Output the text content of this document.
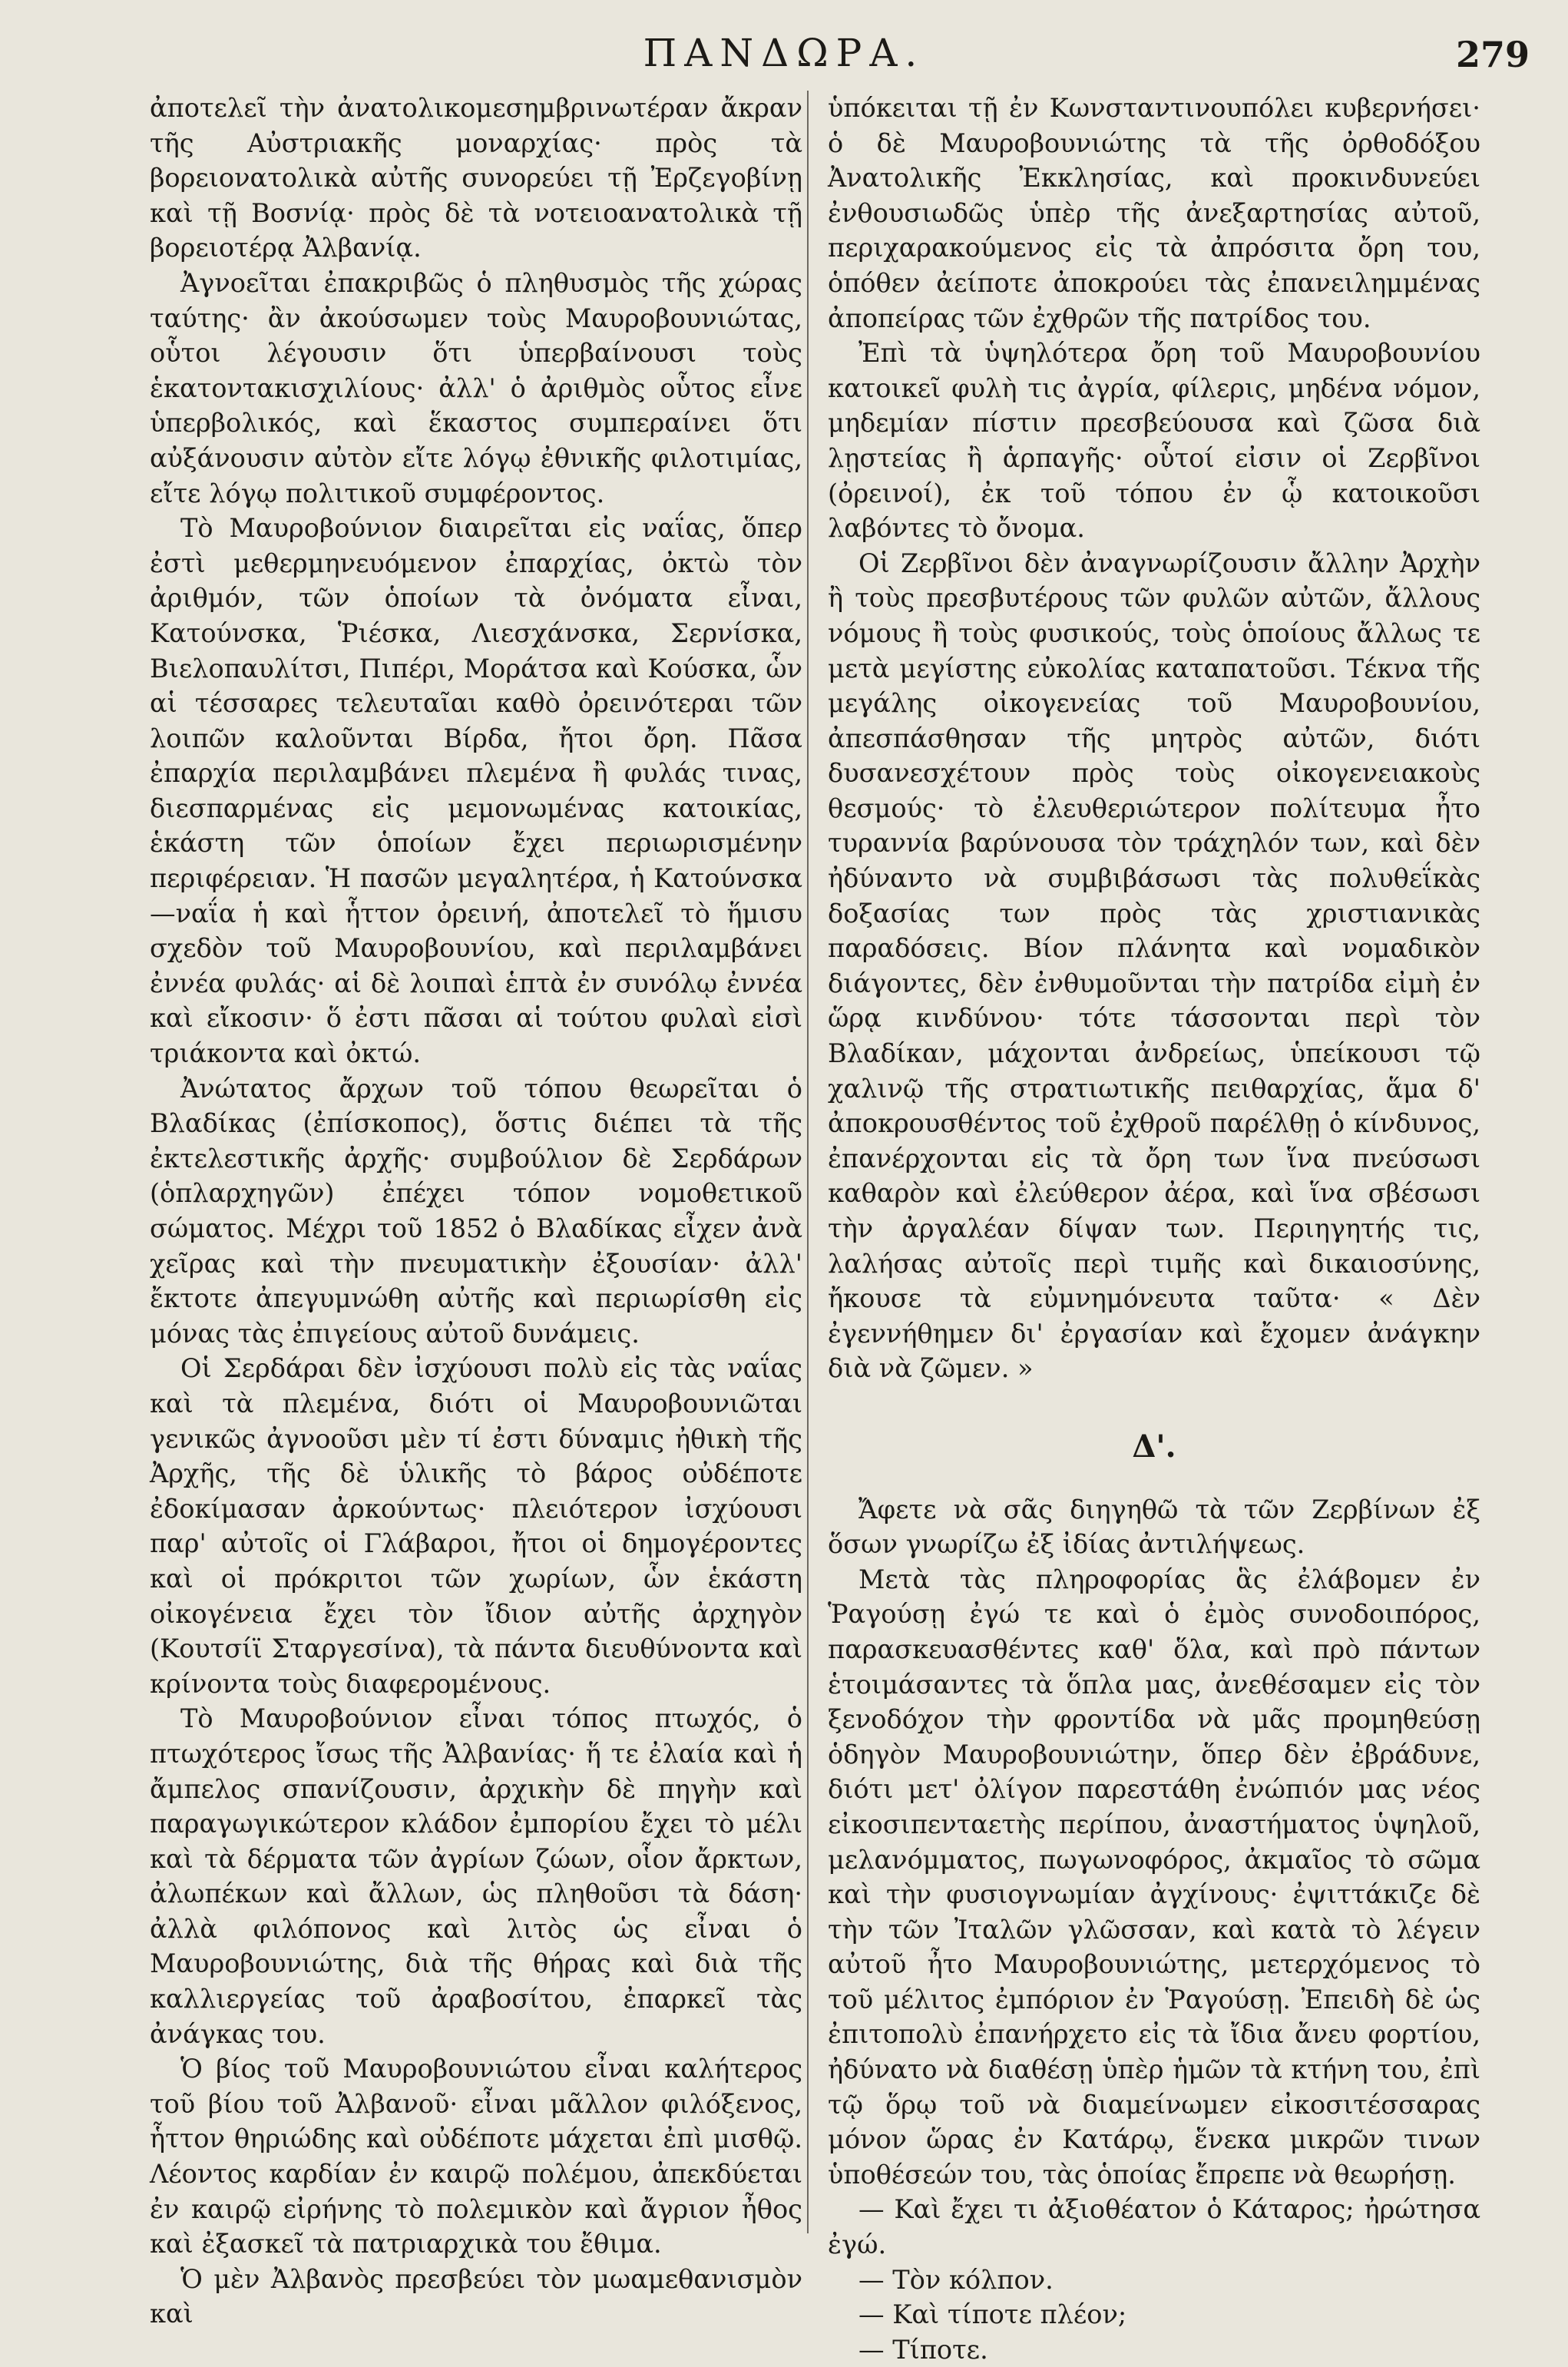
ΠΑΝΔΩΡΑ.	279

ἀποτελεῖ τὴν ἀνατολικομεσημβρινωτέραν ἄκραν τῆς Αὐστριακῆς μοναρχίας· πρὸς τὰ βορειονατολικὰ αὐτῆς συνορεύει τῇ Ἐρζεγοβίνῃ καὶ τῇ Βοσνίᾳ· πρὸς δὲ τὰ νοτειοανατολικὰ τῇ βορειοτέρᾳ Ἀλβανίᾳ.

Ἀγνοεῖται ἐπακριβῶς ὁ πληθυσμὸς τῆς χώρας ταύτης· ἂν ἀκούσωμεν τοὺς Μαυροβουνιώτας, οὗτοι λέγουσιν ὅτι ὑπερβαίνουσι τοὺς ἑκατοντακισχιλίους· ἀλλ' ὁ ἀριθμὸς οὗτος εἶνε ὑπερβολικός, καὶ ἕκαστος συμπεραίνει ὅτι αὐξάνουσιν αὐτὸν εἴτε λόγῳ ἐθνικῆς φιλοτιμίας, εἴτε λόγῳ πολιτικοῦ συμφέροντος.

Τὸ Μαυροβούνιον διαιρεῖται εἰς ναΐας, ὅπερ ἐστὶ μεθερμηνευόμενον ἐπαρχίας, ὀκτὼ τὸν ἀριθμόν, τῶν ὁποίων τὰ ὀνόματα εἶναι, Κατούνσκα, Ῥιέσκα, Λιεσχάνσκα, Σερνίσκα, Βιελοπαυλίτσι, Πιπέρι, Μοράτσα καὶ Κούσκα, ὧν αἱ τέσσαρες τελευταῖαι καθὸ ὀρεινότεραι τῶν λοιπῶν καλοῦνται Βίρδα, ἤτοι ὄρη. Πᾶσα ἐπαρχία περιλαμβάνει πλεμένα ἢ φυλάς τινας, διεσπαρμένας εἰς μεμονωμένας κατοικίας, ἑκάστη τῶν ὁποίων ἔχει περιωρισμένην περιφέρειαν. Ἡ πασῶν μεγαλητέρα, ἡ Κατούνσκα—ναΐα ἡ καὶ ἧττον ὀρεινή, ἀποτελεῖ τὸ ἥμισυ σχεδὸν τοῦ Μαυροβουνίου, καὶ περιλαμβάνει ἐννέα φυλάς· αἱ δὲ λοιπαὶ ἑπτὰ ἐν συνόλῳ ἐννέα καὶ εἴκοσιν· ὅ ἐστι πᾶσαι αἱ τούτου φυλαὶ εἰσὶ τριάκοντα καὶ ὀκτώ.

Ἀνώτατος ἄρχων τοῦ τόπου θεωρεῖται ὁ Βλαδίκας (ἐπίσκοπος), ὅστις διέπει τὰ τῆς ἐκτελεστικῆς ἀρχῆς· συμβούλιον δὲ Σερδάρων (ὁπλαρχηγῶν) ἐπέχει τόπον νομοθετικοῦ σώματος. Μέχρι τοῦ 1852 ὁ Βλαδίκας εἶχεν ἀνὰ χεῖρας καὶ τὴν πνευματικὴν ἐξουσίαν· ἀλλ' ἔκτοτε ἀπεγυμνώθη αὐτῆς καὶ περιωρίσθη εἰς μόνας τὰς ἐπιγείους αὐτοῦ δυνάμεις.

Οἱ Σερδάραι δὲν ἰσχύουσι πολὺ εἰς τὰς ναΐας καὶ τὰ πλεμένα, διότι οἱ Μαυροβουνιῶται γενικῶς ἀγνοοῦσι μὲν τί ἐστι δύναμις ἠθικὴ τῆς Ἀρχῆς, τῆς δὲ ὑλικῆς τὸ βάρος οὐδέποτε ἐδοκίμασαν ἀρκούντως· πλειότερον ἰσχύουσι παρ' αὐτοῖς οἱ Γλάβαροι, ἤτοι οἱ δημογέροντες καὶ οἱ πρόκριτοι τῶν χωρίων, ὧν ἑκάστη οἰκογένεια ἔχει τὸν ἴδιον αὐτῆς ἀρχηγὸν (Κουτσίϊ Σταργεσίνα), τὰ πάντα διευθύνοντα καὶ κρίνοντα τοὺς διαφερομένους.

Τὸ Μαυροβούνιον εἶναι τόπος πτωχός, ὁ πτωχότερος ἴσως τῆς Ἀλβανίας· ἥ τε ἐλαία καὶ ἡ ἄμπελος σπανίζουσιν, ἀρχικὴν δὲ πηγὴν καὶ παραγωγικώτερον κλάδον ἐμπορίου ἔχει τὸ μέλι καὶ τὰ δέρματα τῶν ἀγρίων ζώων, οἷον ἄρκτων, ἀλωπέκων καὶ ἄλλων, ὡς πληθοῦσι τὰ δάση· ἀλλὰ φιλόπονος καὶ λιτὸς ὡς εἶναι ὁ Μαυροβουνιώτης, διὰ τῆς θήρας καὶ διὰ τῆς καλλιεργείας τοῦ ἀραβοσίτου, ἐπαρκεῖ τὰς ἀνάγκας του.

Ὁ βίος τοῦ Μαυροβουνιώτου εἶναι καλήτερος τοῦ βίου τοῦ Ἀλβανοῦ· εἶναι μᾶλλον φιλόξενος, ἧττον θηριώδης καὶ οὐδέποτε μάχεται ἐπὶ μισθῷ. Λέοντος καρδίαν ἐν καιρῷ πολέμου, ἀπεκδύεται ἐν καιρῷ εἰρήνης τὸ πολεμικὸν καὶ ἄγριον ἦθος καὶ ἐξασκεῖ τὰ πατριαρχικὰ του ἔθιμα.

Ὁ μὲν Ἀλβανὸς πρεσβεύει τὸν μωαμεθανισμὸν καὶ

ὑπόκειται τῇ ἐν Κωνσταντινουπόλει κυβερνήσει· ὁ δὲ Μαυροβουνιώτης τὰ τῆς ὀρθοδόξου Ἀνατολικῆς Ἐκκλησίας, καὶ προκινδυνεύει ἐνθουσιωδῶς ὑπὲρ τῆς ἀνεξαρτησίας αὐτοῦ, περιχαρακούμενος εἰς τὰ ἀπρόσιτα ὄρη του, ὁπόθεν ἀείποτε ἀποκρούει τὰς ἐπανειλημμένας ἀποπείρας τῶν ἐχθρῶν τῆς πατρίδος του.

Ἐπὶ τὰ ὑψηλότερα ὄρη τοῦ Μαυροβουνίου κατοικεῖ φυλὴ τις ἀγρία, φίλερις, μηδένα νόμον, μηδεμίαν πίστιν πρεσβεύουσα καὶ ζῶσα διὰ λῃστείας ἢ ἁρπαγῆς· οὗτοί εἰσιν οἱ Ζερβῖνοι (ὀρεινοί), ἐκ τοῦ τόπου ἐν ᾧ κατοικοῦσι λαβόντες τὸ ὄνομα.

Οἱ Ζερβῖνοι δὲν ἀναγνωρίζουσιν ἄλλην Ἀρχὴν ἢ τοὺς πρεσβυτέρους τῶν φυλῶν αὐτῶν, ἄλλους νόμους ἢ τοὺς φυσικούς, τοὺς ὁποίους ἄλλως τε μετὰ μεγίστης εὐκολίας καταπατοῦσι. Τέκνα τῆς μεγάλης οἰκογενείας τοῦ Μαυροβουνίου, ἀπεσπάσθησαν τῆς μητρὸς αὐτῶν, διότι δυσανεσχέτουν πρὸς τοὺς οἰκογενειακοὺς θεσμούς· τὸ ἐλευθεριώτερον πολίτευμα ἦτο τυραννία βαρύνουσα τὸν τράχηλόν των, καὶ δὲν ἠδύναντο νὰ συμβιβάσωσι τὰς πολυθεΐκὰς δοξασίας των πρὸς τὰς χριστιανικὰς παραδόσεις. Βίον πλάνητα καὶ νομαδικὸν διάγοντες, δὲν ἐνθυμοῦνται τὴν πατρίδα εἰμὴ ἐν ὥρᾳ κινδύνου· τότε τάσσονται περὶ τὸν Βλαδίκαν, μάχονται ἀνδρείως, ὑπείκουσι τῷ χαλινῷ τῆς στρατιωτικῆς πειθαρχίας, ἅμα δ' ἀποκρουσθέντος τοῦ ἐχθροῦ παρέλθῃ ὁ κίνδυνος, ἐπανέρχονται εἰς τὰ ὄρη των ἵνα πνεύσωσι καθαρὸν καὶ ἐλεύθερον ἀέρα, καὶ ἵνα σβέσωσι τὴν ἀργαλέαν δίψαν των. Περιηγητής τις, λαλήσας αὐτοῖς περὶ τιμῆς καὶ δικαιοσύνης, ἤκουσε τὰ εὐμνημόνευτα ταῦτα· « Δὲν ἐγεννήθημεν δι' ἐργασίαν καὶ ἔχομεν ἀνάγκην διὰ νὰ ζῶμεν. »

Δ'.

Ἄφετε νὰ σᾶς διηγηθῶ τὰ τῶν Ζερβίνων ἐξ ὅσων γνωρίζω ἐξ ἰδίας ἀντιλήψεως.

Μετὰ τὰς πληροφορίας ἃς ἐλάβομεν ἐν Ῥαγούσῃ ἐγώ τε καὶ ὁ ἐμὸς συνοδοιπόρος, παρασκευασθέντες καθ' ὅλα, καὶ πρὸ πάντων ἑτοιμάσαντες τὰ ὅπλα μας, ἀνεθέσαμεν εἰς τὸν ξενοδόχον τὴν φροντίδα νὰ μᾶς προμηθεύσῃ ὁδηγὸν Μαυροβουνιώτην, ὅπερ δὲν ἐβράδυνε, διότι μετ' ὀλίγον παρεστάθη ἐνώπιόν μας νέος εἰκοσιπενταετὴς περίπου, ἀναστήματος ὑψηλοῦ, μελανόμματος, πωγωνοφόρος, ἀκμαῖος τὸ σῶμα καὶ τὴν φυσιογνωμίαν ἀγχίνους· ἐψιττάκιζε δὲ τὴν τῶν Ἰταλῶν γλῶσσαν, καὶ κατὰ τὸ λέγειν αὐτοῦ ἦτο Μαυροβουνιώτης, μετερχόμενος τὸ τοῦ μέλιτος ἐμπόριον ἐν Ῥαγούσῃ. Ἐπειδὴ δὲ ὡς ἐπιτοπολὺ ἐπανήρχετο εἰς τὰ ἴδια ἄνευ φορτίου, ἠδύνατο νὰ διαθέσῃ ὑπὲρ ἡμῶν τὰ κτήνη του, ἐπὶ τῷ ὅρῳ τοῦ νὰ διαμείνωμεν εἰκοσιτέσσαρας μόνον ὥρας ἐν Κατάρῳ, ἕνεκα μικρῶν τινων ὑποθέσεών του, τὰς ὁποίας ἔπρεπε νὰ θεωρήσῃ.

— Καὶ ἔχει τι ἀξιοθέατον ὁ Κάταρος; ἠρώτησα ἐγώ.

— Τὸν κόλπον.

— Καὶ τίποτε πλέον;

— Τίποτε.
